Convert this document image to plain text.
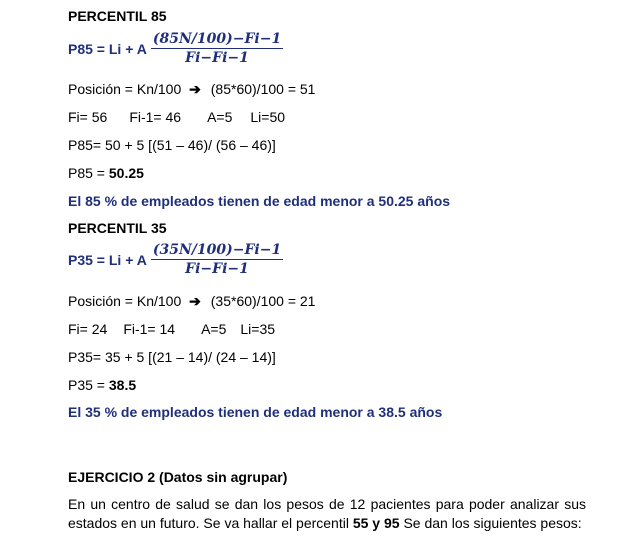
PERCENTIL 85
P85 = Li + A $\frac{(85N/100)-Fi-1}{Fi-Fi-1}$
Posición = Kn/100 ➔ (85*60)/100 = 51
Fi= 56 Fi-1= 46 A=5 Li=50
P85= 50 + 5 [(51 – 46)/ (56 – 46)]
P85 = 50.25
El 85 % de empleados tienen de edad menor a 50.25 años
PERCENTIL 35
P35 = Li + A $\frac{(35N/100)-Fi-1}{Fi-Fi-1}$
Posición = Kn/100 ➔ (35*60)/100 = 21
Fi= 24 Fi-1= 14 A=5 Li=35
P35= 35 + 5 [(21 – 14)/ (24 – 14)]
P35 = 38.5
El 35 % de empleados tienen de edad menor a 38.5 años
EJERCICIO 2 (Datos sin agrupar)
En un centro de salud se dan los pesos de 12 pacientes para poder analizar sus estados en un futuro. Se va hallar el percentil 55 y 95 Se dan los siguientes pesos:
